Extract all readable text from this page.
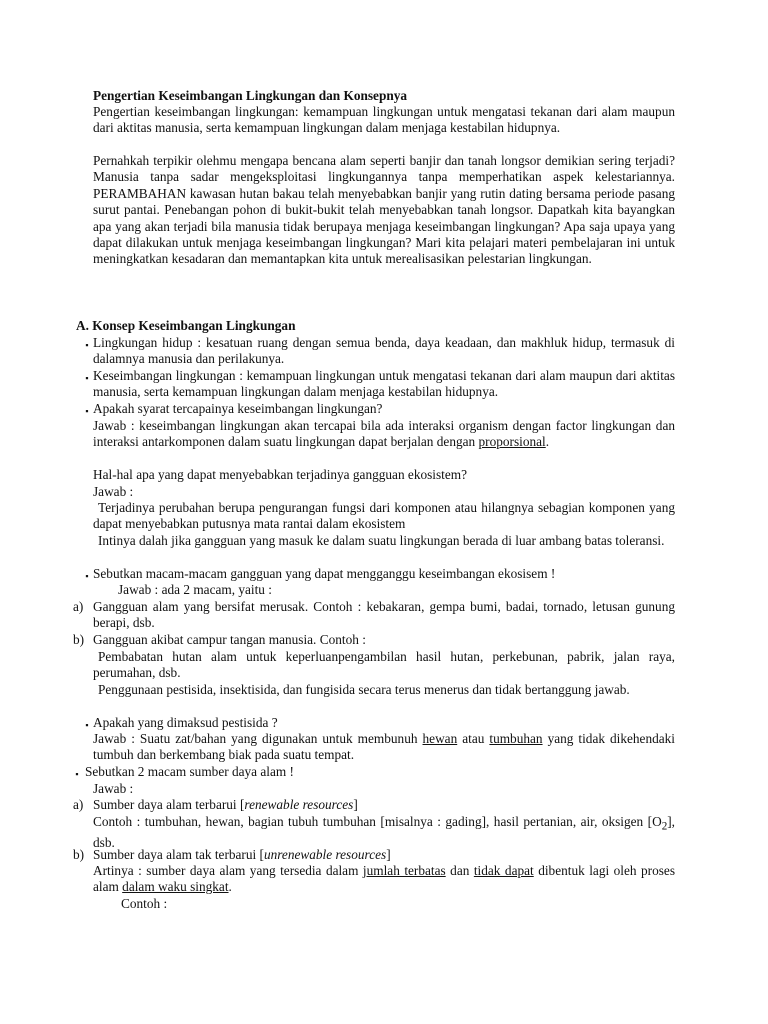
Pengertian Keseimbangan Lingkungan dan Konsepnya

Pengertian keseimbangan lingkungan: kemampuan lingkungan untuk mengatasi tekanan dari alam maupun dari aktitas manusia, serta kemampuan lingkungan dalam menjaga kestabilan hidupnya.

Pernahkah terpikir olehmu mengapa bencana alam seperti banjir dan tanah longsor demikian sering terjadi? Manusia tanpa sadar mengeksploitasi lingkungannya tanpa memperhatikan aspek kelestariannya. PERAMBAHAN kawasan hutan bakau telah menyebabkan banjir yang rutin dating bersama periode pasang surut pantai. Penebangan pohon di bukit-bukit telah menyebabkan tanah longsor. Dapatkah kita bayangkan apa yang akan terjadi bila manusia tidak berupaya menjaga keseimbangan lingkungan? Apa saja upaya yang dapat dilakukan untuk menjaga keseimbangan lingkungan? Mari kita pelajari materi pembelajaran ini untuk meningkatkan kesadaran dan memantapkan kita untuk merealisasikan pelestarian lingkungan.

A. Konsep Keseimbangan Lingkungan

▪ Lingkungan hidup : kesatuan ruang dengan semua benda, daya keadaan, dan makhluk hidup, termasuk di dalamnya manusia dan perilakunya.

▪ Keseimbangan lingkungan : kemampuan lingkungan untuk mengatasi tekanan dari alam maupun dari aktitas manusia, serta kemampuan lingkungan dalam menjaga kestabilan hidupnya.

▪ Apakah syarat tercapainya keseimbangan lingkungan?

Jawab : keseimbangan lingkungan akan tercapai bila ada interaksi organism dengan factor lingkungan dan interaksi antarkomponen dalam suatu lingkungan dapat berjalan dengan proporsional.

Hal-hal apa yang dapat menyebabkan terjadinya gangguan ekosistem?

Jawab :

Terjadinya perubahan berupa pengurangan fungsi dari komponen atau hilangnya sebagian komponen yang dapat menyebabkan putusnya mata rantai dalam ekosistem

Intinya dalah jika gangguan yang masuk ke dalam suatu lingkungan berada di luar ambang batas toleransi.

▪ Sebutkan macam-macam gangguan yang dapat mengganggu keseimbangan ekosisem !

Jawab : ada 2 macam, yaitu :

a) Gangguan alam yang bersifat merusak. Contoh : kebakaran, gempa bumi, badai, tornado, letusan gunung berapi, dsb.

b) Gangguan akibat campur tangan manusia. Contoh :

Pembabatan hutan alam untuk keperluanpengambilan hasil hutan, perkebunan, pabrik, jalan raya, perumahan, dsb.

Penggunaan pestisida, insektisida, dan fungisida secara terus menerus dan tidak bertanggung jawab.

▪ Apakah yang dimaksud pestisida ?

Jawab : Suatu zat/bahan yang digunakan untuk membunuh hewan atau tumbuhan yang tidak dikehendaki tumbuh dan berkembang biak pada suatu tempat.

▪ Sebutkan 2 macam sumber daya alam !

Jawab :

a) Sumber daya alam terbarui [renewable resources]

Contoh : tumbuhan, hewan, bagian tubuh tumbuhan [misalnya : gading], hasil pertanian, air, oksigen $[O_2]$, dsb.

b) Sumber daya alam tak terbarui [unrenewable resources]

Artinya : sumber daya alam yang tersedia dalam jumlah terbatas dan tidak dapat dibentuk lagi oleh proses alam dalam waku singkat.

Contoh :
